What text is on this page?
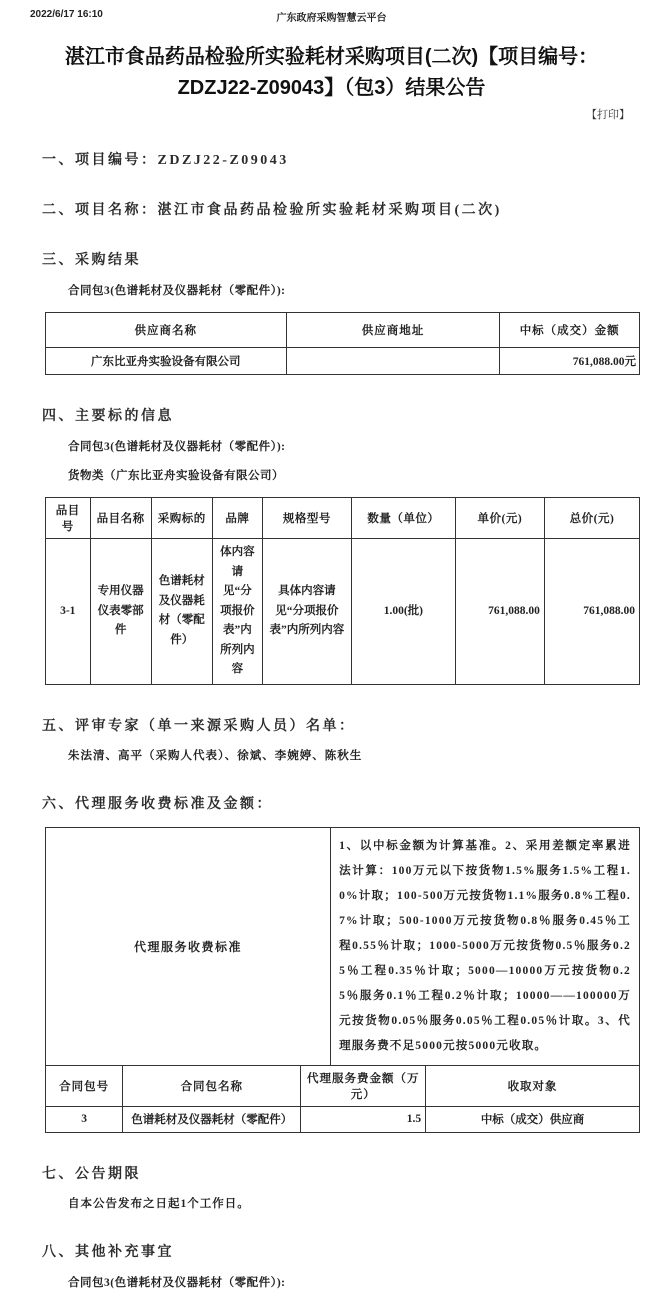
2022/6/17 16:10	广东政府采购智慧云平台
湛江市食品药品检验所实验耗材采购项目(二次)【项目编号：ZDZJ22-Z09043】（包3）结果公告
【打印】
一、项目编号：ZDZJ22-Z09043
二、项目名称：湛江市食品药品检验所实验耗材采购项目(二次)
三、采购结果
合同包3(色谱耗材及仪器耗材（零配件）):
供应商名称	供应商地址	中标（成交）金额
广东比亚舟实验设备有限公司		761,088.00元
四、主要标的信息
合同包3(色谱耗材及仪器耗材（零配件）):
货物类（广东比亚舟实验设备有限公司）
品目号	品目名称	采购标的	品牌	规格型号	数量（单位）	单价(元)	总价(元)
3-1	专用仪器仪表零部件	色谱耗材及仪器耗材（零配件）	体内容请见“分项报价表”内所列内容	具体内容请见“分项报价表”内所列内容	1.00(批)	761,088.00	761,088.00
五、评审专家（单一来源采购人员）名单：
朱法清、高平（采购人代表）、徐斌、李婉婷、陈秋生
六、代理服务收费标准及金额：
代理服务收费标准	1、以中标金额为计算基准。2、采用差额定率累进法计算：100万元以下按货物1.5%服务1.5%工程1.0%计取；100-500万元按货物1.1%服务0.8%工程0.7%计取；500-1000万元按货物0.8％服务0.45％工程0.55％计取；1000-5000万元按货物0.5％服务0.25％工程0.35％计取；5000—10000万元按货物0.25％服务0.1％工程0.2％计取；10000——100000万元按货物0.05％服务0.05％工程0.05％计取。3、代理服务费不足5000元按5000元收取。
合同包号	合同包名称	代理服务费金额（万元）	收取对象
3	色谱耗材及仪器耗材（零配件）	1.5	中标（成交）供应商
七、公告期限
自本公告发布之日起1个工作日。
八、其他补充事宜
合同包3(色谱耗材及仪器耗材（零配件）):
